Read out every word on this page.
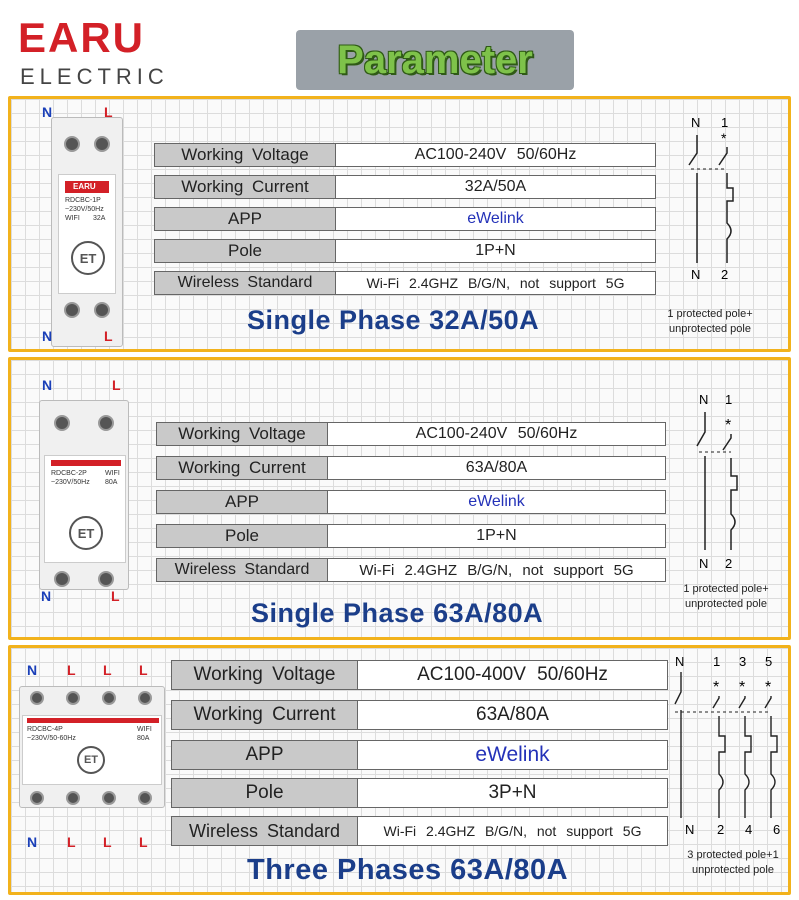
EARU
ELECTRIC	Parameter
N	L
EARU
RDCBC-1P
~230V/50Hz
WIFI 32A
ET
N	L
Working Voltage	AC100-240V 50/60Hz
Working Current	32A/50A
APP	eWelink
Pole	1P+N
Wireless Standard	Wi-Fi 2.4GHZ B/G/N, not support 5G
Single Phase 32A/50A
N 1
*
N 2
1 protected pole+
unprotected pole
N	L
RDCBC-2P
~230V/50Hz
WIFI
80A
ET
N	L
Working Voltage	AC100-240V 50/60Hz
Working Current	63A/80A
APP	eWelink
Pole	1P+N
Wireless Standard	Wi-Fi 2.4GHZ B/G/N, not support 5G
Single Phase 63A/80A
N 1
*
N 2
1 protected pole+
unprotected pole
RDCBC-4P
~230V/50-60Hz
WIFI
80A
ET
N L L L
N L L L
Working Voltage	AC100-400V 50/60Hz
Working Current	63A/80A
APP	eWelink
Pole	3P+N
Wireless Standard	Wi-Fi 2.4GHZ B/G/N, not support 5G
Three Phases 63A/80A
N 1 3 5
* * *
N 2 4 6
3 protected pole+1
unprotected pole
